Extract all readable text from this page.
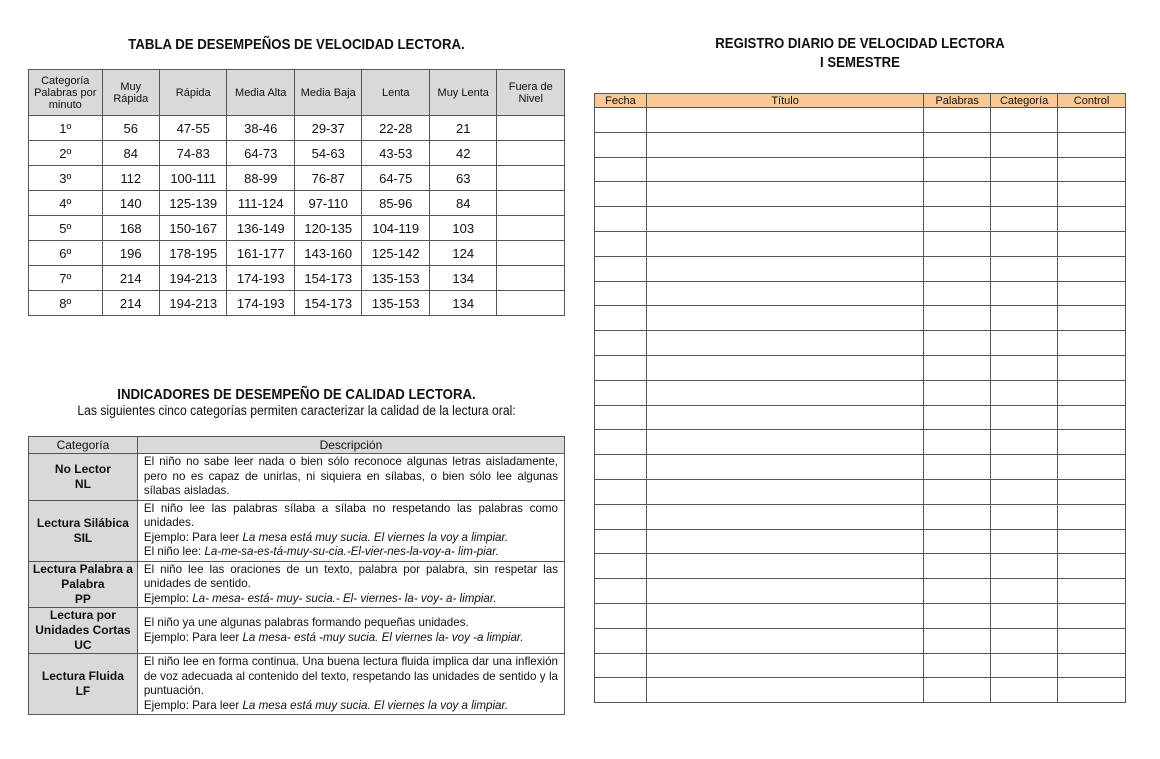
TABLA DE DESEMPEÑOS DE VELOCIDAD LECTORA.
Categoría Palabras por minuto	Muy Rápida	Rápida	Media Alta	Media Baja	Lenta	Muy Lenta	Fuera de Nivel
1º	56	47-55	38-46	29-37	22-28	21	
2º	84	74-83	64-73	54-63	43-53	42	
3º	112	100-111	88-99	76-87	64-75	63	
4º	140	125-139	111-124	97-110	85-96	84	
5º	168	150-167	136-149	120-135	104-119	103	
6º	196	178-195	161-177	143-160	125-142	124	
7º	214	194-213	174-193	154-173	135-153	134	
8º	214	194-213	174-193	154-173	135-153	134	
INDICADORES DE DESEMPEÑO DE CALIDAD LECTORA.
Las siguientes cinco categorías permiten caracterizar la calidad de la lectura oral:
Categoría	Descripción
No Lector
NL	El niño no sabe leer nada o bien sólo reconoce algunas letras aisladamente, pero no es capaz de unirlas, ni siquiera en sílabas, o bien sólo lee algunas sílabas aisladas.

Lectura Silábica
SIL	El niño lee las palabras sílaba a sílaba no respetando las palabras como unidades.
Ejemplo: Para leer La mesa está muy sucia. El viernes la voy a limpiar.
El niño lee: La-me-sa-es-tá-muy-su-cia.-El-vier-nes-la-voy-a- lim-piar.

Lectura Palabra a
Palabra
PP	El niño lee las oraciones de un texto, palabra por palabra, sin respetar las unidades de sentido.
Ejemplo: La- mesa- está- muy- sucia.- El- viernes- la- voy- a- limpiar.

Lectura por
Unidades Cortas
UC	El niño ya une algunas palabras formando pequeñas unidades.
Ejemplo: Para leer La mesa- está -muy sucia. El viernes la- voy -a limpiar.

Lectura Fluida
LF	El niño lee en forma continua. Una buena lectura fluida implica dar una inflexión de voz adecuada al contenido del texto, respetando las unidades de sentido y la puntuación.
Ejemplo: Para leer La mesa está muy sucia. El viernes la voy a limpiar.
REGISTRO DIARIO DE VELOCIDAD LECTORA
I SEMESTRE
Fecha	Título	Palabras	Categoría	Control
